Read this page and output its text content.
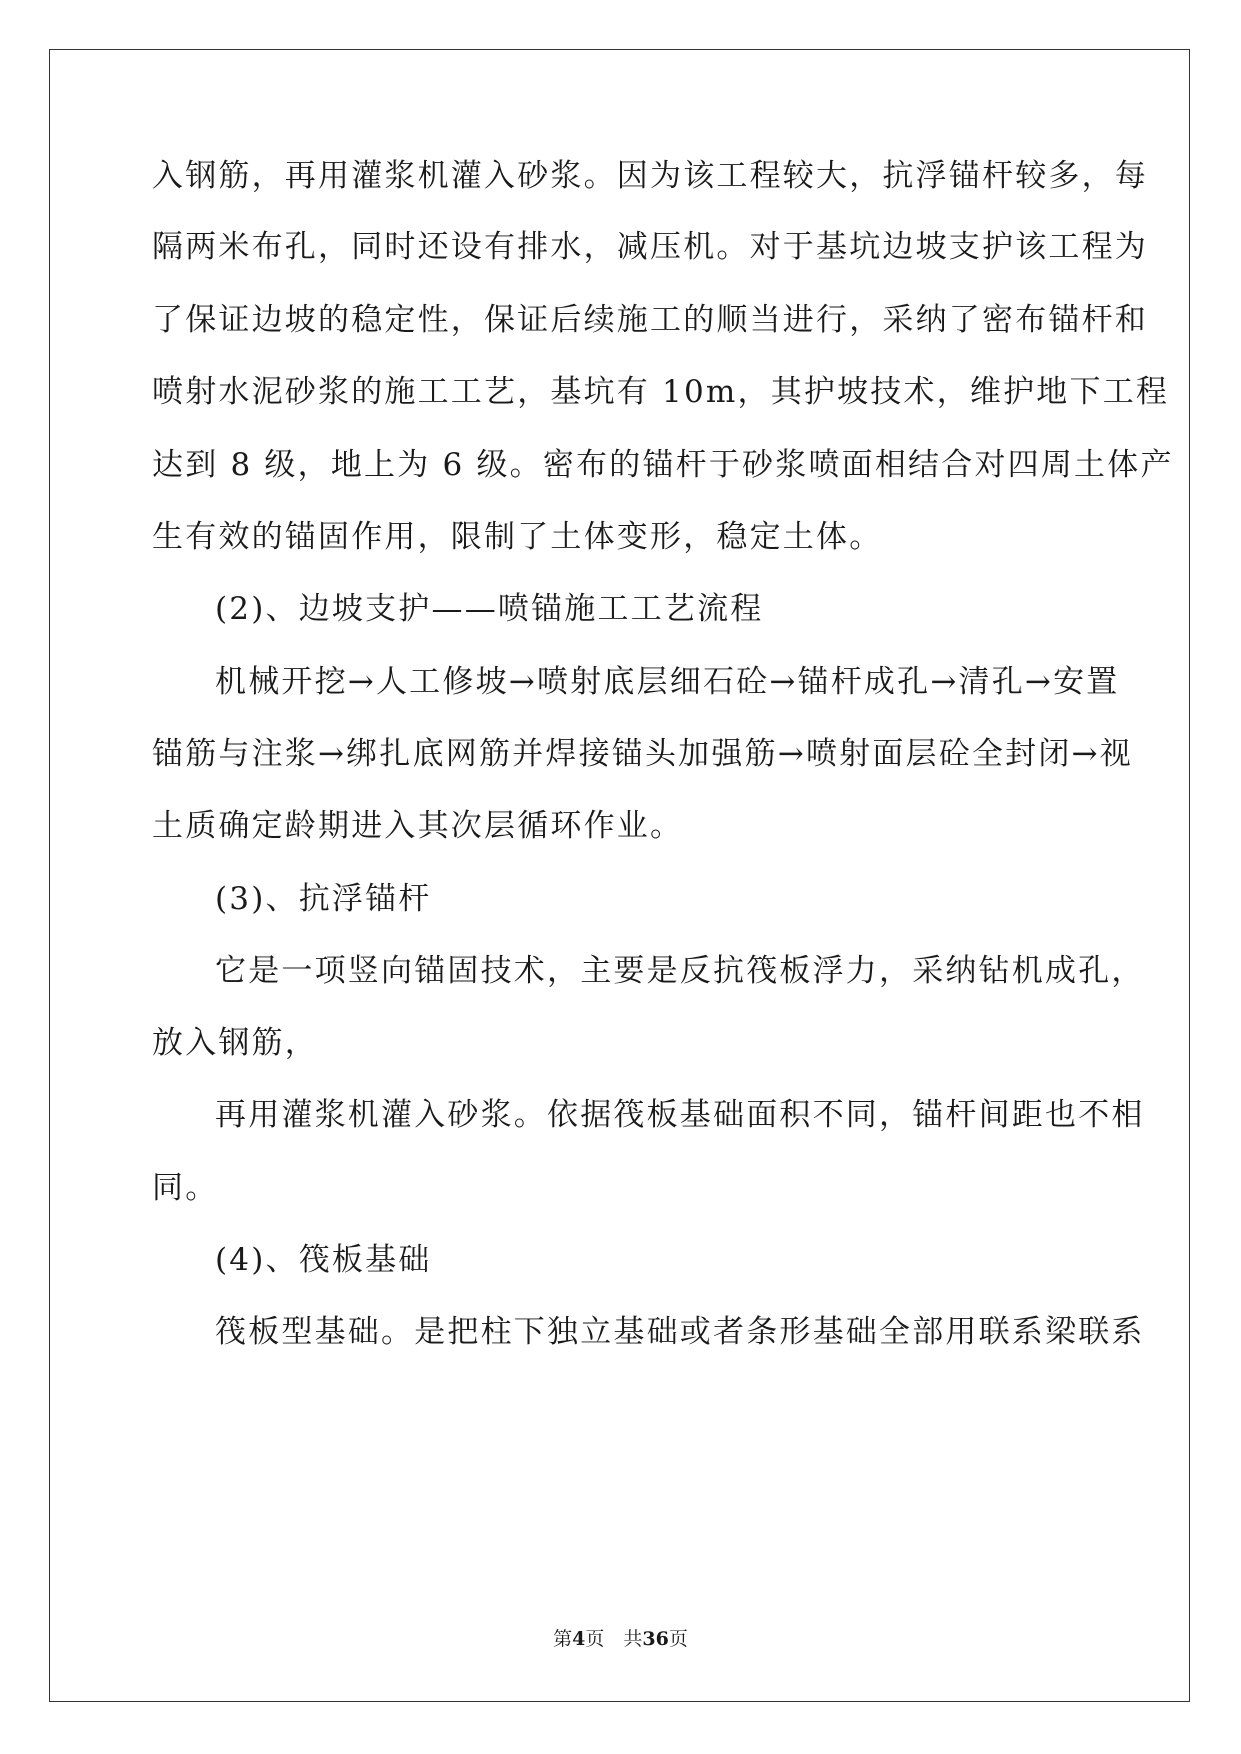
入钢筋，再用灌浆机灌入砂浆。因为该工程较大，抗浮锚杆较多，每
隔两米布孔，同时还设有排水，减压机。对于基坑边坡支护该工程为
了保证边坡的稳定性，保证后续施工的顺当进行，采纳了密布锚杆和
喷射水泥砂浆的施工工艺，基坑有 10m，其护坡技术，维护地下工程
达到 8 级，地上为 6 级。密布的锚杆于砂浆喷面相结合对四周土体产
生有效的锚固作用，限制了土体变形，稳定土体。
(2)、边坡支护——喷锚施工工艺流程
机械开挖→人工修坡→喷射底层细石砼→锚杆成孔→清孔→安置
锚筋与注浆→绑扎底网筋并焊接锚头加强筋→喷射面层砼全封闭→视
土质确定龄期进入其次层循环作业。
(3)、抗浮锚杆
它是一项竖向锚固技术，主要是反抗筏板浮力，采纳钻机成孔，
放入钢筋，
再用灌浆机灌入砂浆。依据筏板基础面积不同，锚杆间距也不相
同。
(4)、筏板基础
筏板型基础。是把柱下独立基础或者条形基础全部用联系梁联系
第4页　共36页
